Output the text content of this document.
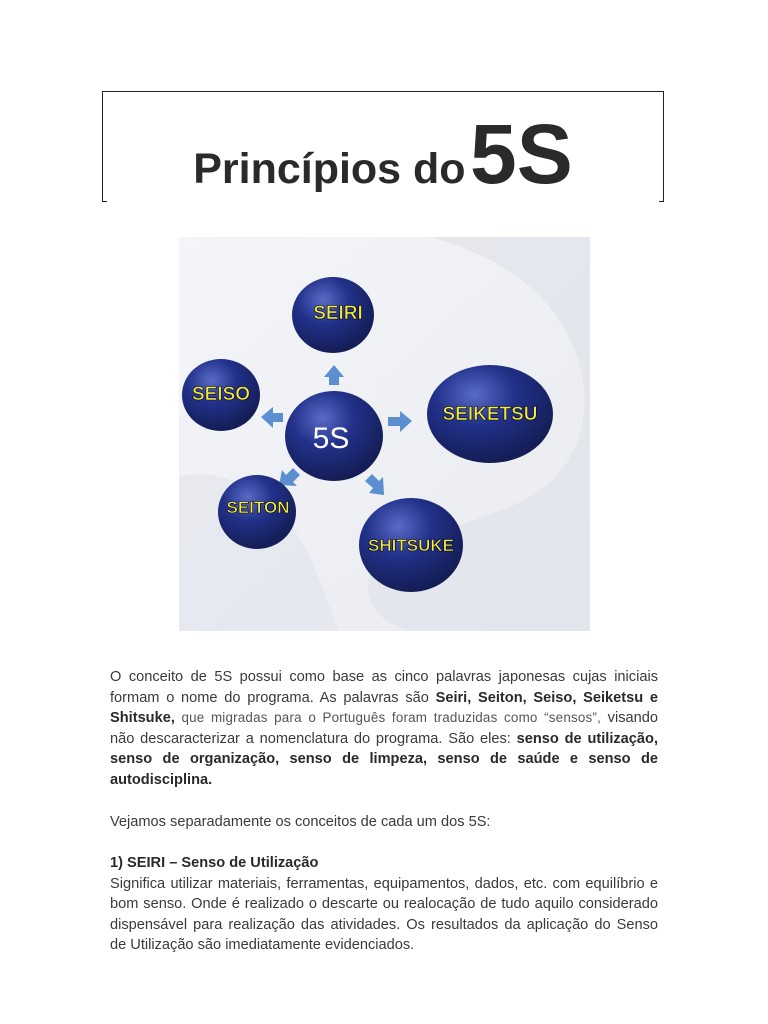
Princípios do 5S
SEIRI
SEISO
SEIKETSU
5S
SEITON
SHITSUKE
O conceito de 5S possui como base as cinco palavras japonesas cujas iniciais formam o nome do programa. As palavras são Seiri, Seiton, Seiso, Seiketsu e Shitsuke, que migradas para o Português foram traduzidas como “sensos”, visando não descaracterizar a nomenclatura do programa. São eles: senso de utilização, senso de organização, senso de limpeza, senso de saúde e senso de autodisciplina.
Vejamos separadamente os conceitos de cada um dos 5S:
1) SEIRI – Senso de Utilização
Significa utilizar materiais, ferramentas, equipamentos, dados, etc. com equilíbrio e bom senso. Onde é realizado o descarte ou realocação de tudo aquilo considerado dispensável para realização das atividades. Os resultados da aplicação do Senso de Utilização são imediatamente evidenciados.
